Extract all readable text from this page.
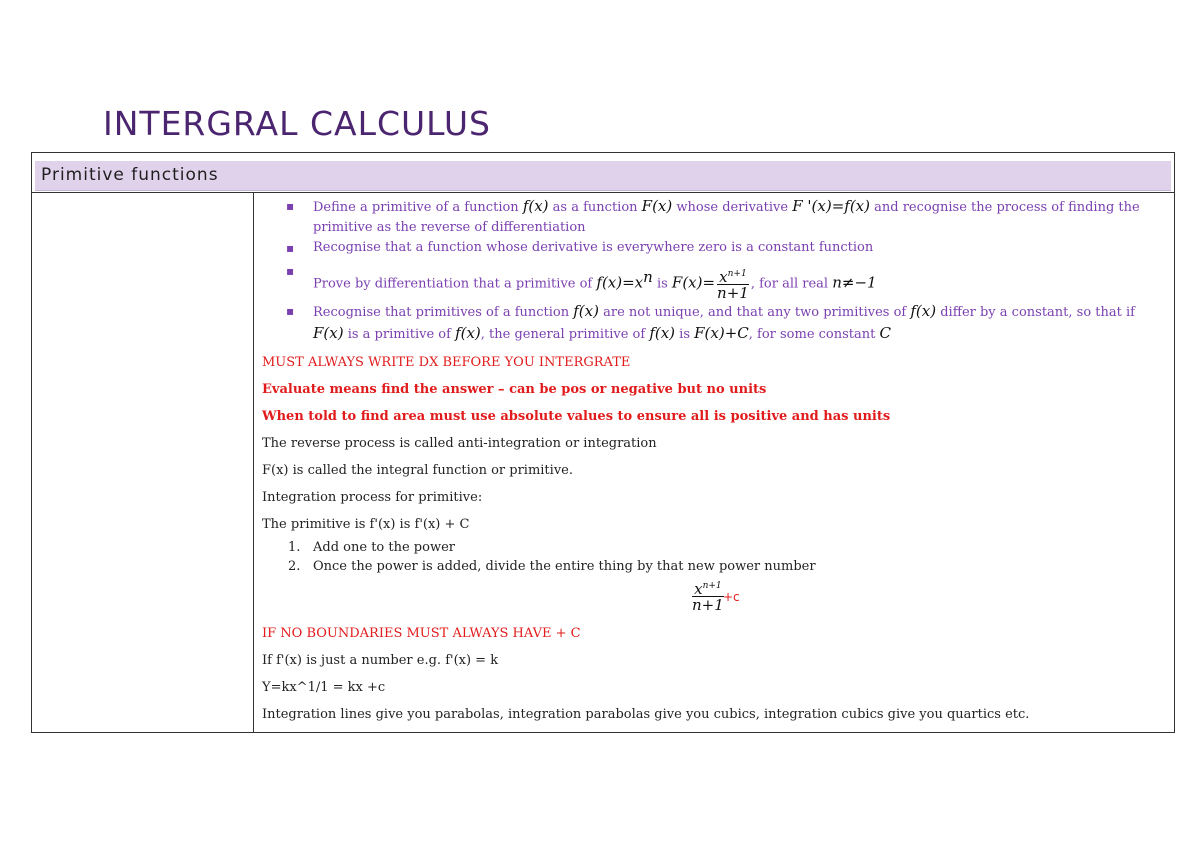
INTERGRAL CALCULUS
Primitive functions
▪ Define a primitive of a function f(x) as a function F(x) whose derivative F '(x)=f(x) and recognise the process of finding the primitive as the reverse of differentiation
▪ Recognise that a function whose derivative is everywhere zero is a constant function
▪ Prove by differentiation that a primitive of $f(x)=x^n$ is $F(x)= \frac{x^{n+1}}{n+1}$ , for all real n≠−1
▪ Recognise that primitives of a function f(x) are not unique, and that any two primitives of f(x) differ by a constant, so that if F(x) is a primitive of f(x), the general primitive of f(x) is F(x)+C, for some constant C

MUST ALWAYS WRITE DX BEFORE YOU INTERGRATE

Evaluate means find the answer – can be pos or negative but no units

When told to find area must use absolute values to ensure all is positive and has units

The reverse process is called anti-integration or integration

F(x) is called the integral function or primitive.

Integration process for primitive:

The primitive is f'(x) is f'(x) + C

1. Add one to the power
2. Once the power is added, divide the entire thing by that new power number
$\frac{x^{n+1}}{n+1} +c$

IF NO BOUNDARIES MUST ALWAYS HAVE + C

If f'(x) is just a number e.g. f'(x) = k

Y=kx^1/1 = kx +c

Integration lines give you parabolas, integration parabolas give you cubics, integration cubics give you quartics etc.
